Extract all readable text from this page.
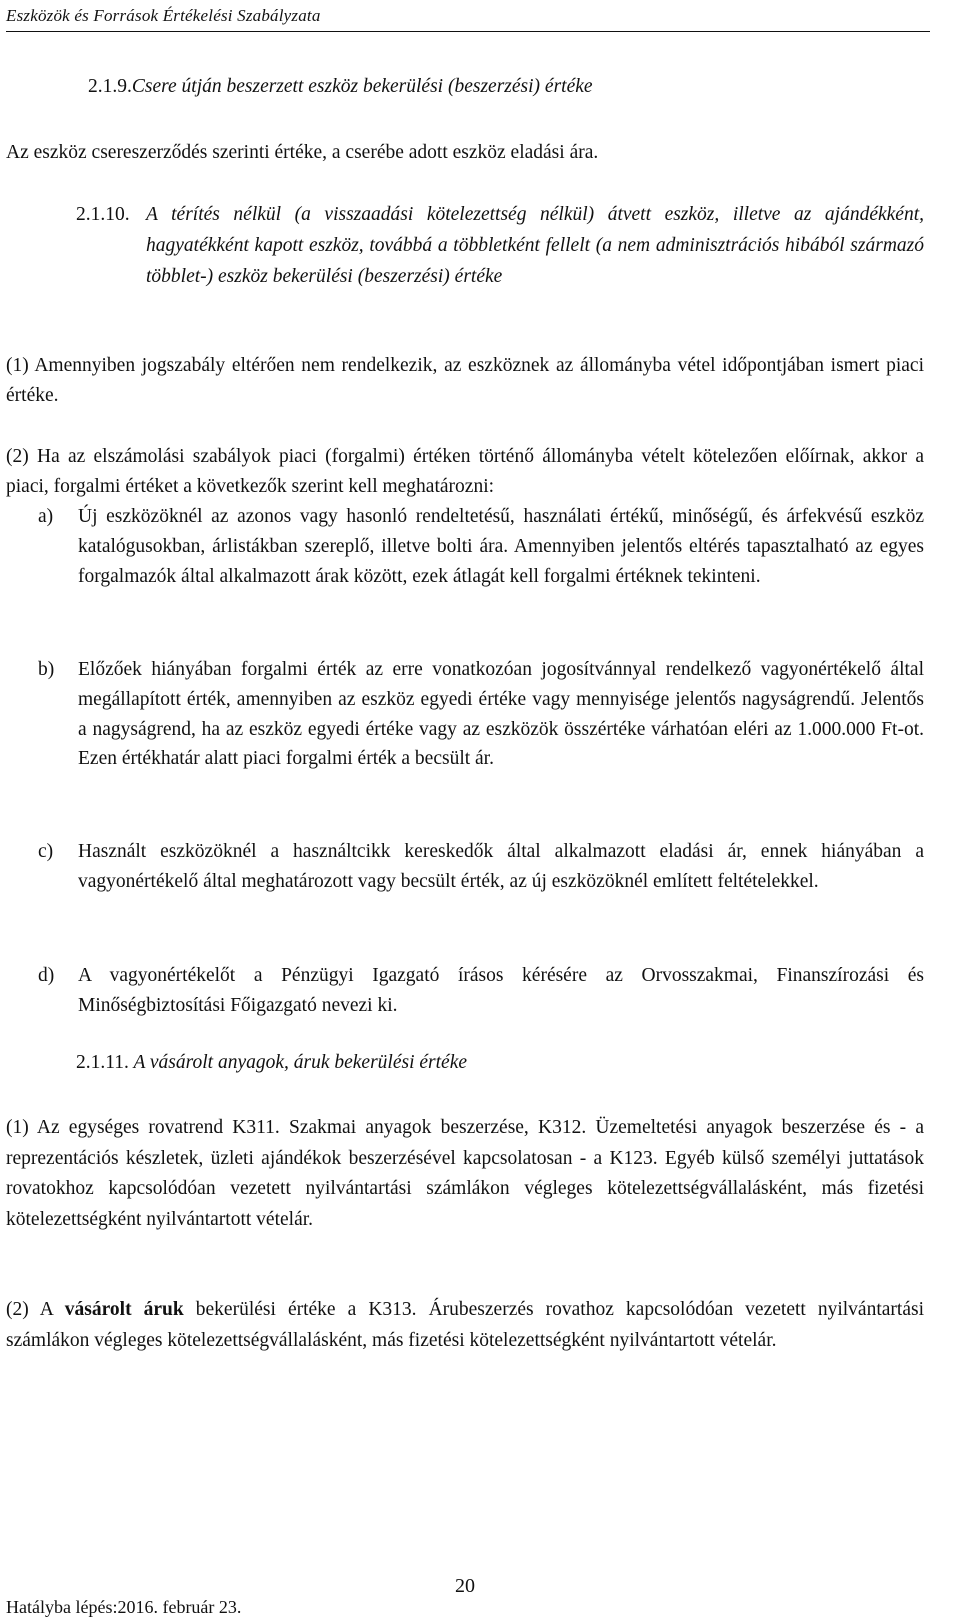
Eszközök és Források Értékelési Szabályzata
2.1.9.Csere útján beszerzett eszköz bekerülési (beszerzési) értéke
Az eszköz csereszerződés szerinti értéke, a cserébe adott eszköz eladási ára.
2.1.10. A térítés nélkül (a visszaadási kötelezettség nélkül) átvett eszköz, illetve az ajándékként, hagyatékként kapott eszköz, továbbá a többletként fellelt (a nem adminisztrációs hibából származó többlet-) eszköz bekerülési (beszerzési) értéke
(1) Amennyiben jogszabály eltérően nem rendelkezik, az eszköznek az állományba vétel időpontjában ismert piaci értéke.
(2) Ha az elszámolási szabályok piaci (forgalmi) értéken történő állományba vételt kötelezően előírnak, akkor a piaci, forgalmi értéket a következők szerint kell meghatározni:
a) Új eszközöknél az azonos vagy hasonló rendeltetésű, használati értékű, minőségű, és árfekvésű eszköz katalógusokban, árlistákban szereplő, illetve bolti ára. Amennyiben jelentős eltérés tapasztalható az egyes forgalmazók által alkalmazott árak között, ezek átlagát kell forgalmi értéknek tekinteni.
b) Előzőek hiányában forgalmi érték az erre vonatkozóan jogosítvánnyal rendelkező vagyonértékelő által megállapított érték, amennyiben az eszköz egyedi értéke vagy mennyisége jelentős nagyságrendű. Jelentős a nagyságrend, ha az eszköz egyedi értéke vagy az eszközök összértéke várhatóan eléri az 1.000.000 Ft-ot. Ezen értékhatár alatt piaci forgalmi érték a becsült ár.
c) Használt eszközöknél a használtcikk kereskedők által alkalmazott eladási ár, ennek hiányában a vagyonértékelő által meghatározott vagy becsült érték, az új eszközöknél említett feltételekkel.
d) A vagyonértékelőt a Pénzügyi Igazgató írásos kérésére az Orvosszakmai, Finanszírozási és Minőségbiztosítási Főigazgató nevezi ki.
2.1.11. A vásárolt anyagok, áruk bekerülési értéke
(1) Az egységes rovatrend K311. Szakmai anyagok beszerzése, K312. Üzemeltetési anyagok beszerzése és - a reprezentációs készletek, üzleti ajándékok beszerzésével kapcsolatosan - a K123. Egyéb külső személyi juttatások rovatokhoz kapcsolódóan vezetett nyilvántartási számlákon végleges kötelezettségvállalásként, más fizetési kötelezettségként nyilvántartott vételár.
(2) A vásárolt áruk bekerülési értéke a K313. Árubeszerzés rovathoz kapcsolódóan vezetett nyilvántartási számlákon végleges kötelezettségvállalásként, más fizetési kötelezettségként nyilvántartott vételár.
20
Hatályba lépés:2016. február 23.
